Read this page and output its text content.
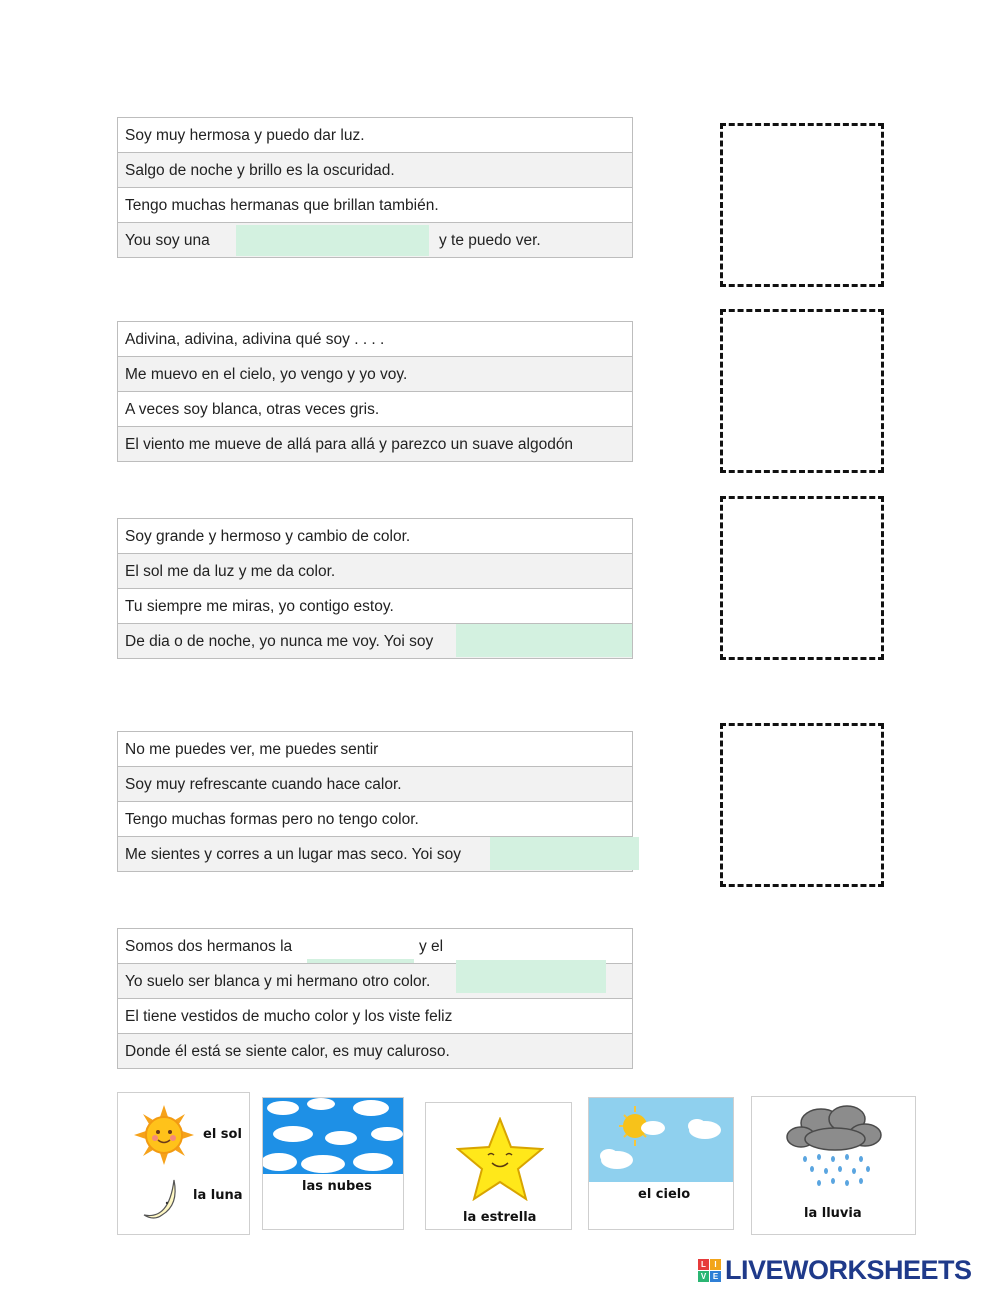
Soy muy hermosa y puedo dar luz.
Salgo de noche y brillo es la oscuridad.
Tengo muchas hermanas que brillan también.
You soy una	y te puedo ver.
Adivina, adivina, adivina qué soy . . . .
Me muevo en el cielo, yo vengo y yo voy.
A veces soy blanca, otras veces gris.
El viento me mueve de allá para allá y parezco un suave algodón
Soy grande y hermoso y cambio de color.
El sol me da luz y me da color.
Tu siempre me miras, yo contigo estoy.
De dia o de noche, yo nunca me voy. Yoi soy
No me puedes ver, me puedes sentir
Soy muy refrescante cuando hace calor.
Tengo muchas formas pero no tengo color.
Me sientes y corres a un lugar mas seco. Yoi soy
Somos dos hermanos la	y el
Yo suelo ser blanca y mi hermano otro color.
El tiene vestidos de mucho color y los viste feliz
Donde él está se siente calor, es muy caluroso.
el sol
la luna
las nubes
la estrella
el cielo
la lluvia
L	I
V E LIVEWORKSHEETS
